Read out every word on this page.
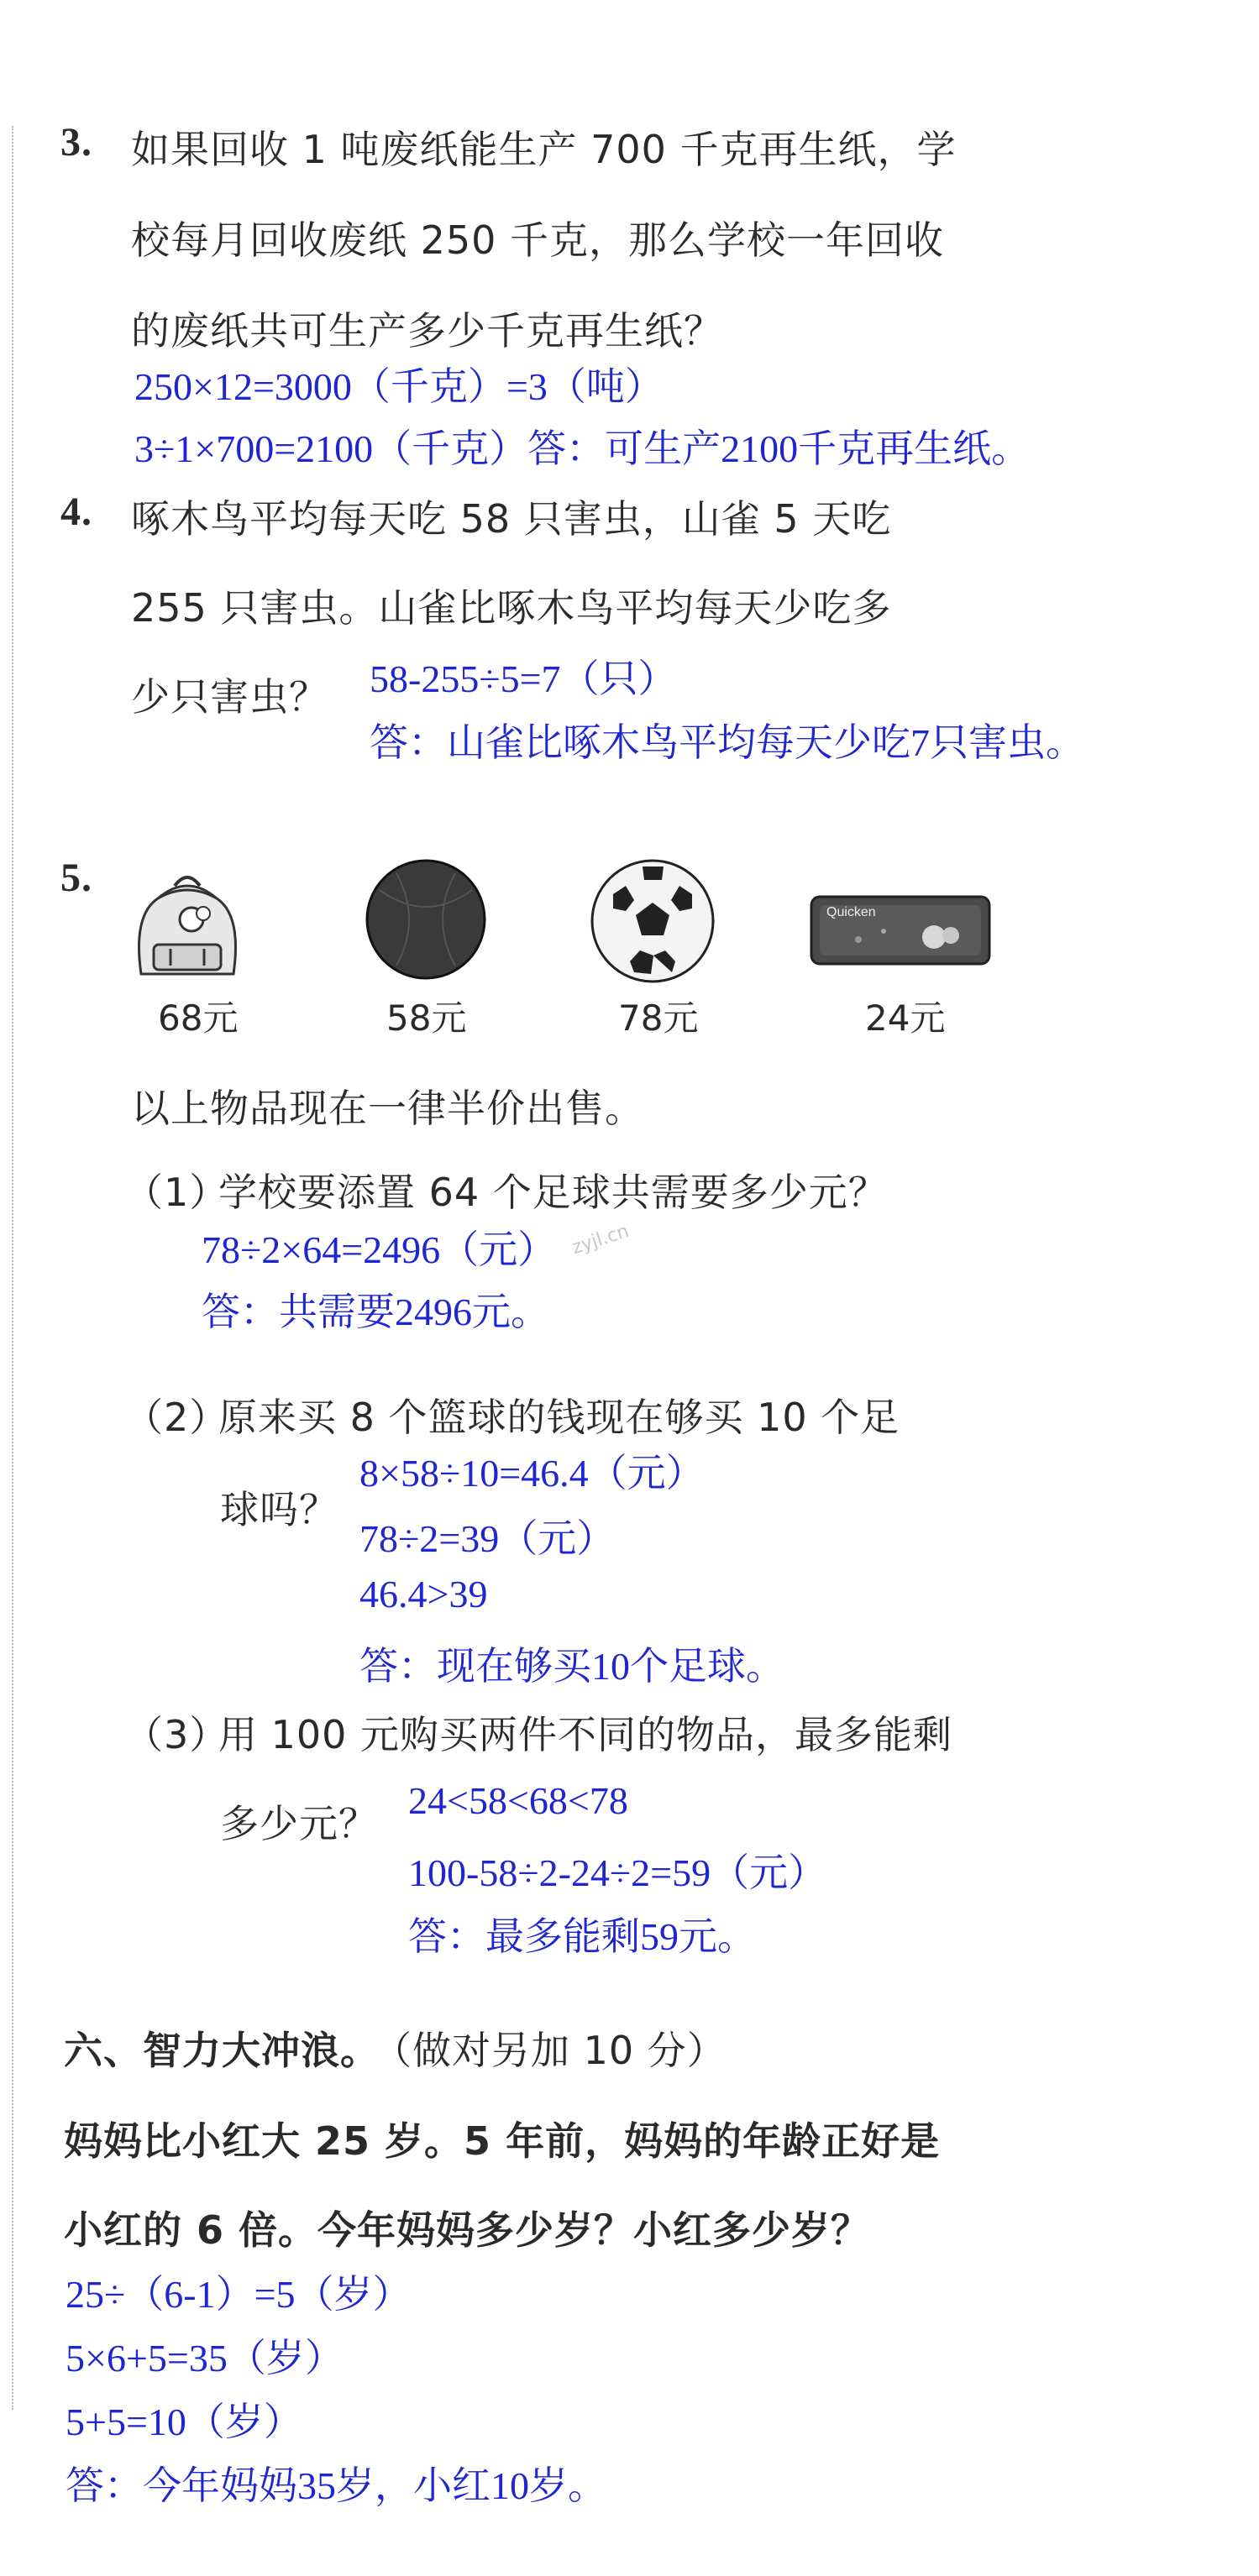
3. 如果回收 1 吨废纸能生产 700 千克再生纸，学
校每月回收废纸 250 千克，那么学校一年回收
的废纸共可生产多少千克再生纸？
250×12=3000（千克）=3（吨）
3÷1×700=2100（千克）答：可生产2100千克再生纸。
4. 啄木鸟平均每天吃 58 只害虫，山雀 5 天吃
255 只害虫。山雀比啄木鸟平均每天少吃多
少只害虫？ 58-255÷5=7（只）
答：山雀比啄木鸟平均每天少吃7只害虫。
5.
68元	58元	78元
Quicken
24元
以上物品现在一律半价出售。
（1）
学校要添置 64 个足球共需要多少元？
78÷2×64=2496（元）
答：共需要2496元。
zyjl.cn
（2）
原来买 8 个篮球的钱现在够买 10 个足
球吗？
8×58÷10=46.4（元）
78÷2=39（元）
46.4>39
答：现在够买10个足球。
（3）
用 100 元购买两件不同的物品，最多能剩
多少元？
24<58<68<78
100-58÷2-24÷2=59（元）
答：最多能剩59元。
六、智力大冲浪。
（做对另加 10 分）
妈妈比小红大 25 岁。5 年前，妈妈的年龄正好是
小红的 6 倍。今年妈妈多少岁？小红多少岁？
25÷（6-1）=5（岁）
5×6+5=35（岁）
5+5=10（岁）
答：今年妈妈35岁，小红10岁。
